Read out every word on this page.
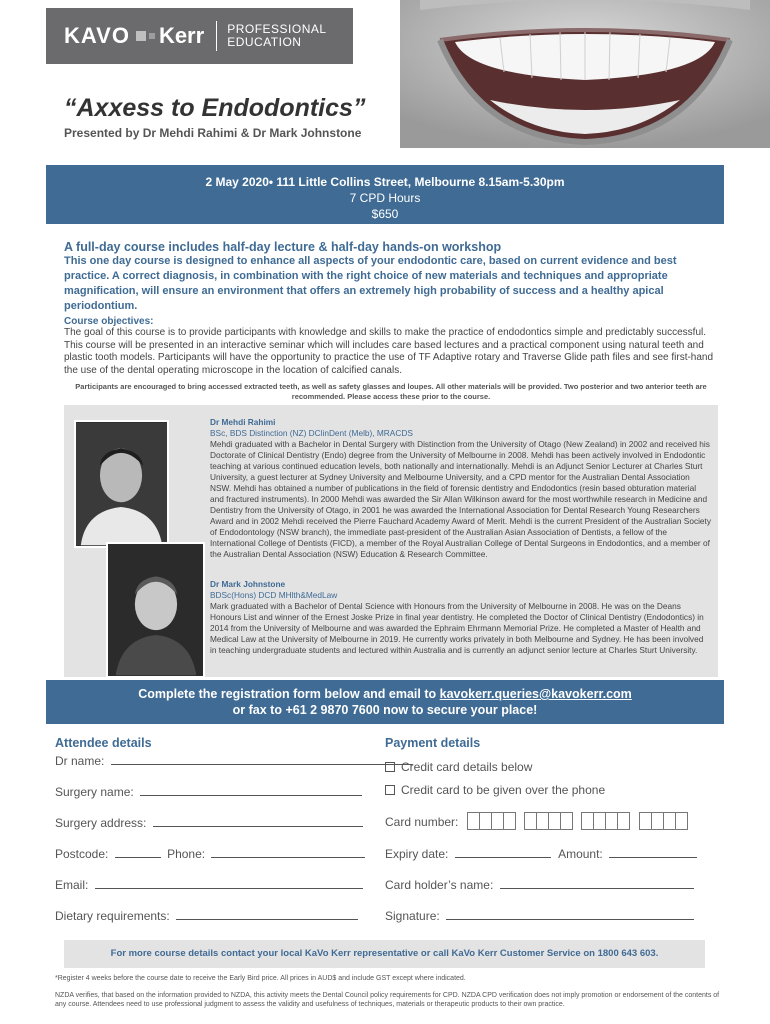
KAVO Kerr PROFESSIONAL
EDUCATION
“Axxess to Endodontics”
Presented by Dr Mehdi Rahimi & Dr Mark Johnstone
2 May 2020• 111 Little Collins Street, Melbourne 8.15am-5.30pm
7 CPD Hours
$650
A full-day course includes half-day lecture & half-day hands-on workshop
This one day course is designed to enhance all aspects of your endodontic care, based on current evidence and best practice. A correct diagnosis, in combination with the right choice of new materials and techniques and appropriate magnification, will ensure an environment that offers an extremely high probability of success and a healthy apical periodontium.
Course objectives:
The goal of this course is to provide participants with knowledge and skills to make the practice of endodontics simple and predictably successful. This course will be presented in an interactive seminar which will includes care based lectures and a practical component using natural teeth and plastic tooth models. Participants will have the opportunity to practice the use of TF Adaptive rotary and Traverse Glide path files and see first-hand the use of the dental operating microscope in the location of calcified canals.
Participants are encouraged to bring accessed extracted teeth, as well as safety glasses and loupes. All other materials will be provided. Two posterior and two anterior teeth are recommended. Please access these prior to the course.
Dr Mehdi Rahimi
BSc, BDS Distinction (NZ) DClinDent (Melb), MRACDS
Mehdi graduated with a Bachelor in Dental Surgery with Distinction from the University of Otago (New Zealand) in 2002 and received his Doctorate of Clinical Dentistry (Endo) degree from the University of Melbourne in 2008. Mehdi has been actively involved in Endodontic teaching at various continued education levels, both nationally and internationally. Mehdi is an Adjunct Senior Lecturer at Charles Sturt University, a guest lecturer at Sydney University and Melbourne University, and a CPD mentor for the Australian Dental Association NSW. Mehdi has obtained a number of publications in the field of forensic dentistry and Endodontics (resin based obturation material and fractured instruments). In 2000 Mehdi was awarded the Sir Allan Wilkinson award for the most worthwhile research in Medicine and Dentistry from the University of Otago, in 2001 he was awarded the International Association for Dental Research Young Researchers Award and in 2002 Mehdi received the Pierre Fauchard Academy Award of Merit. Mehdi is the current President of the Australian Society of Endodontology (NSW branch), the immediate past-president of the Australian Asian Association of Dentists, a fellow of the International College of Dentists (FICD), a member of the Royal Australian College of Dental Surgeons in Endodontics, and a member of the Australian Dental Association (NSW) Education & Research Committee.
Dr Mark Johnstone
BDSc(Hons) DCD MHlth&MedLaw
Mark graduated with a Bachelor of Dental Science with Honours from the University of Melbourne in 2008. He was on the Deans Honours List and winner of the Ernest Joske Prize in final year dentistry. He completed the Doctor of Clinical Dentistry (Endodontics) in 2014 from the University of Melbourne and was awarded the Ephraim Ehrmann Memorial Prize. He completed a Master of Health and Medical Law at the University of Melbourne in 2019. He currently works privately in both Melbourne and Sydney. He has been involved in teaching undergraduate students and lectured within Australia and is currently an adjunct senior lecture at Charles Sturt University.
Complete the registration form below and email to kavokerr.queries@kavokerr.com
or fax to +61 2 9870 7600 now to secure your place!
Attendee details
Dr name:
Surgery name:
Surgery address:
Postcode:	Phone:
Email:
Dietary requirements:
Payment details
Credit card details below
Credit card to be given over the phone
Card number:

Expiry date:	Amount:
Card holder’s name:
Signature:
For more course details contact your local KaVo Kerr representative or call KaVo Kerr Customer Service on 1800 643 603.
*Register 4 weeks before the course date to receive the Early Bird price. All prices in AUD$ and include GST except where indicated.
NZDA verifies, that based on the information provided to NZDA, this activity meets the Dental Council policy requirements for CPD. NZDA CPD verification does not imply promotion or endorsement of the contents of any course. Attendees need to use professional judgment to assess the validity and usefulness of techniques, materials or therapeutic products to their own practice.
